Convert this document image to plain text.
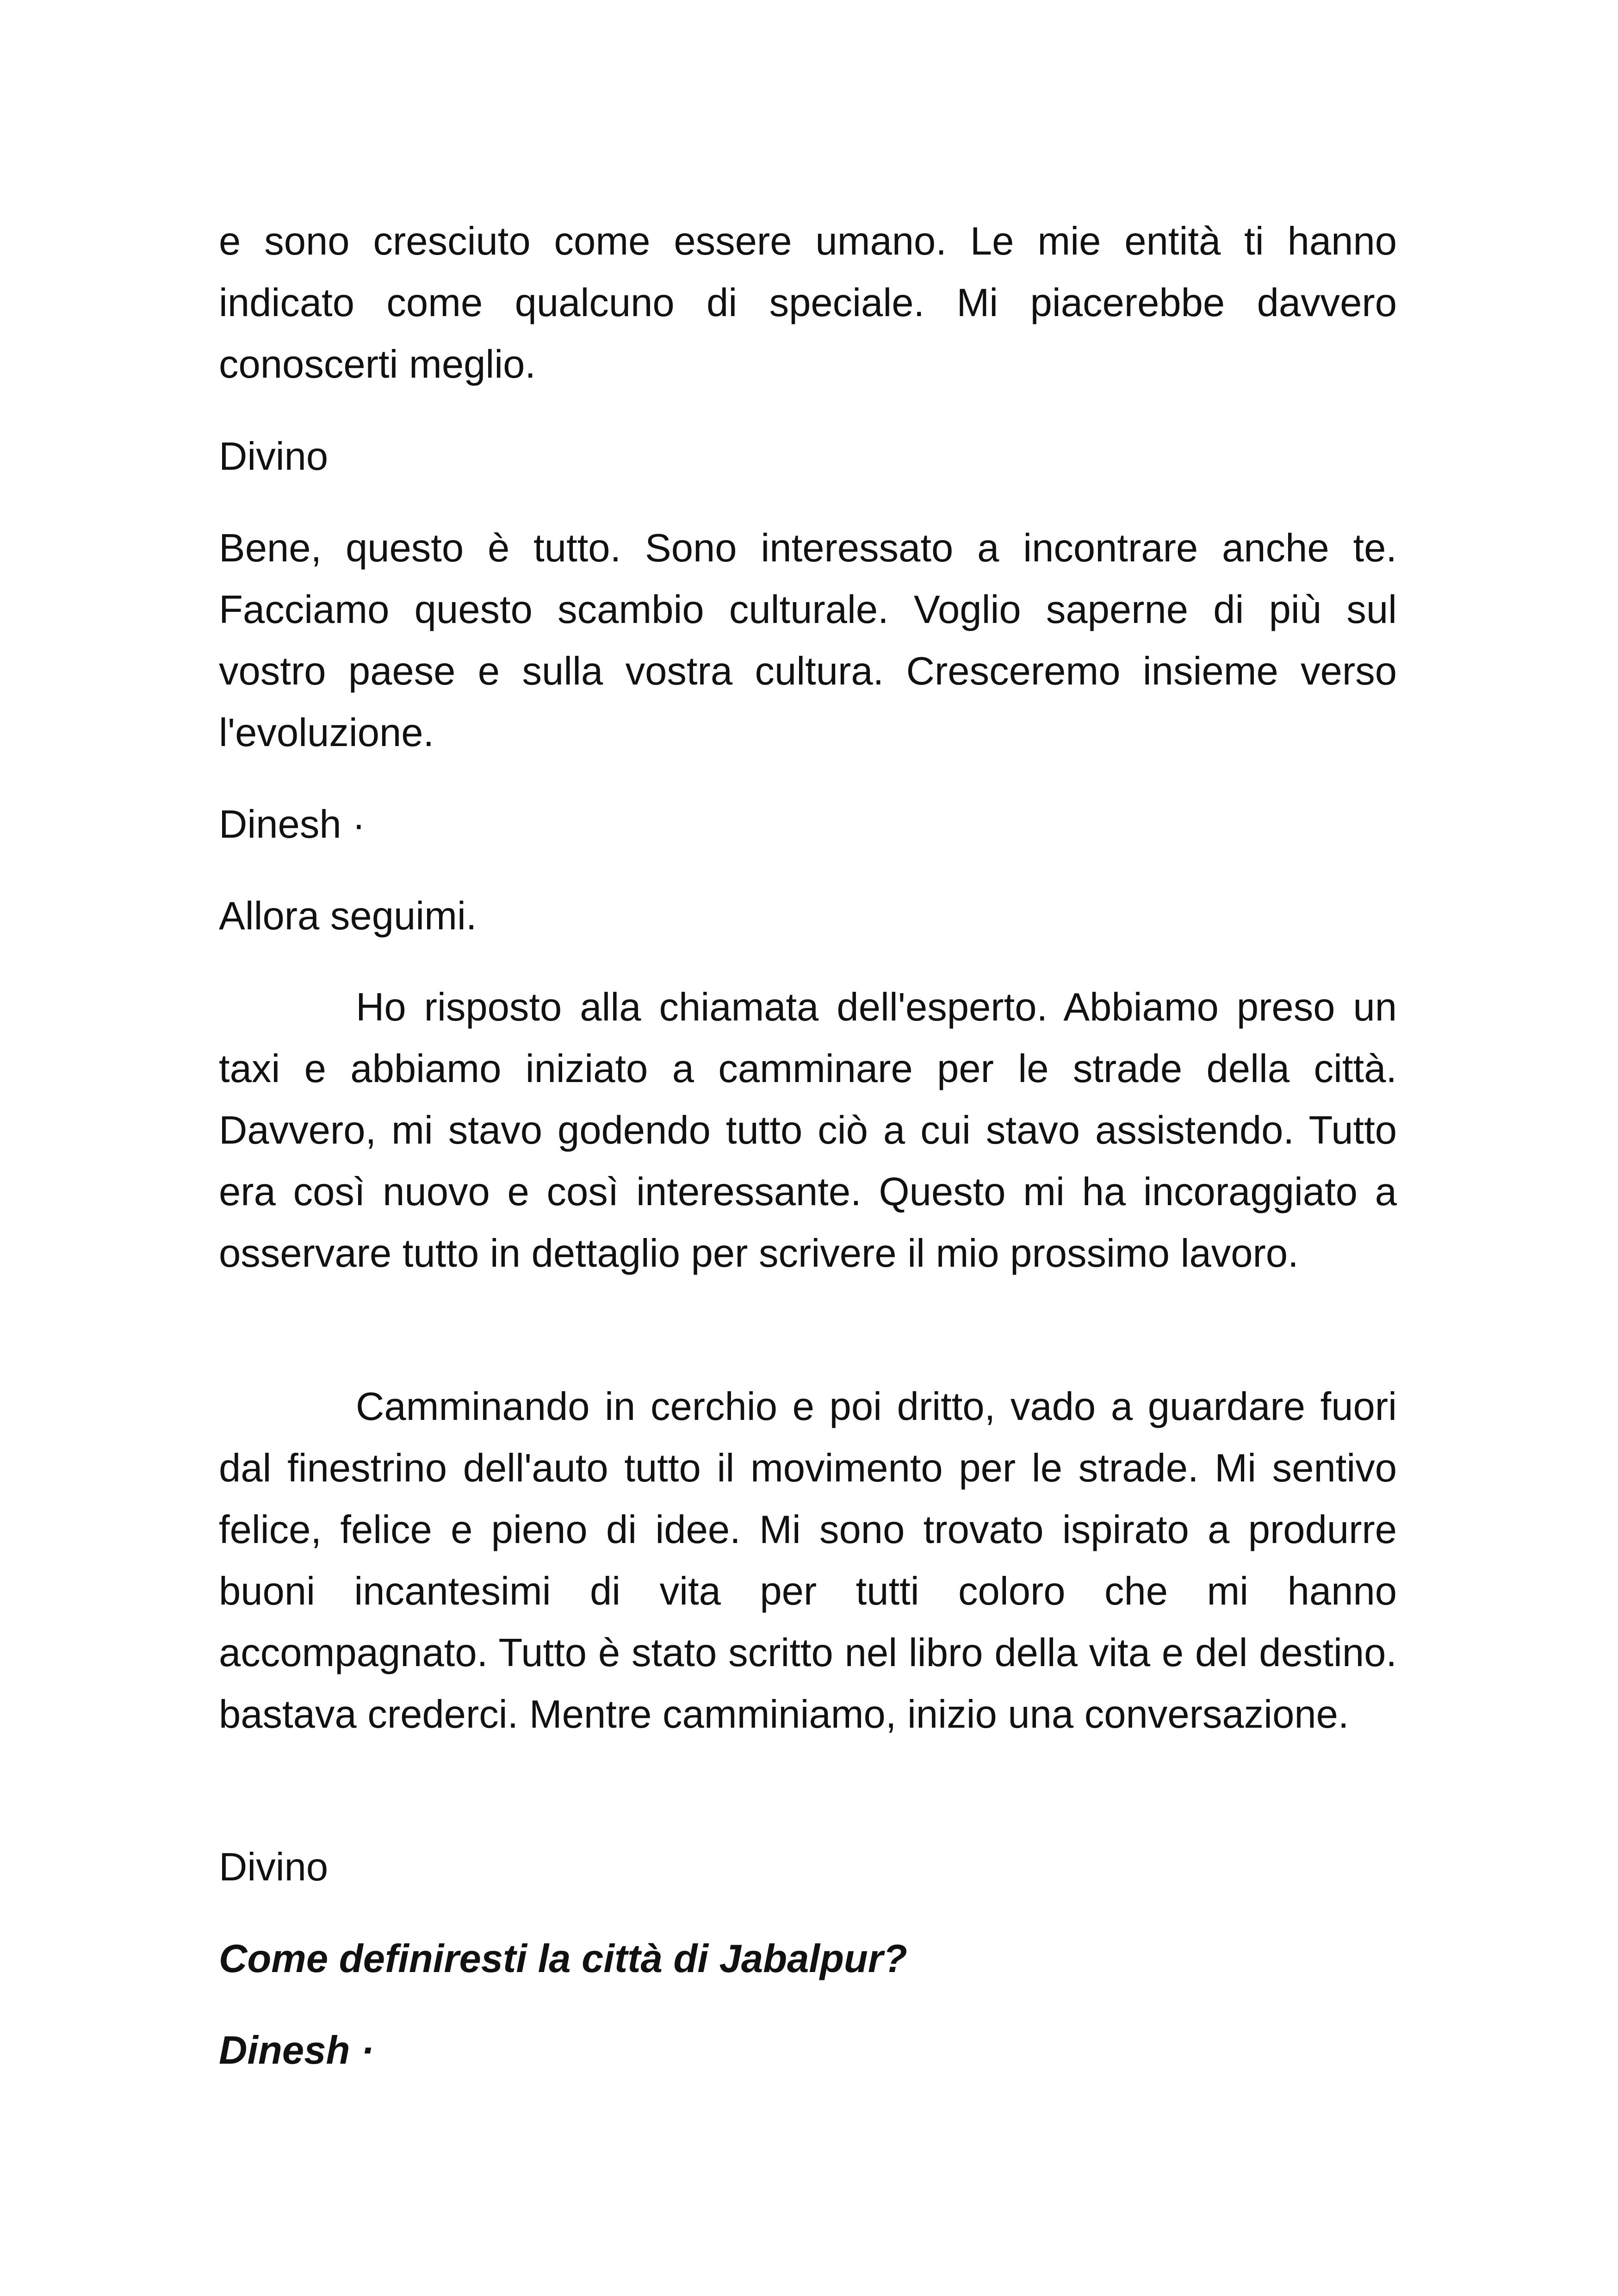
e sono cresciuto come essere umano. Le mie entità ti hanno indicato come qualcuno di speciale. Mi piacerebbe davvero conoscerti meglio.

Divino

Bene, questo è tutto. Sono interessato a incontrare anche te. Facciamo questo scambio culturale. Voglio saperne di più sul vostro paese e sulla vostra cultura. Cresceremo insieme verso l'evoluzione.

Dinesh ·

Allora seguimi.

Ho risposto alla chiamata dell'esperto. Abbiamo preso un taxi e abbiamo iniziato a camminare per le strade della città. Davvero, mi stavo godendo tutto ciò a cui stavo assistendo. Tutto era così nuovo e così interessante. Questo mi ha incoraggiato a osservare tutto in dettaglio per scrivere il mio prossimo lavoro.

Camminando in cerchio e poi dritto, vado a guardare fuori dal finestrino dell'auto tutto il movimento per le strade. Mi sentivo felice, felice e pieno di idee. Mi sono trovato ispirato a produrre buoni incantesimi di vita per tutti coloro che mi hanno accompagnato. Tutto è stato scritto nel libro della vita e del destino. bastava crederci. Mentre camminiamo, inizio una conversazione.

Divino

Come definiresti la città di Jabalpur?

Dinesh ·
